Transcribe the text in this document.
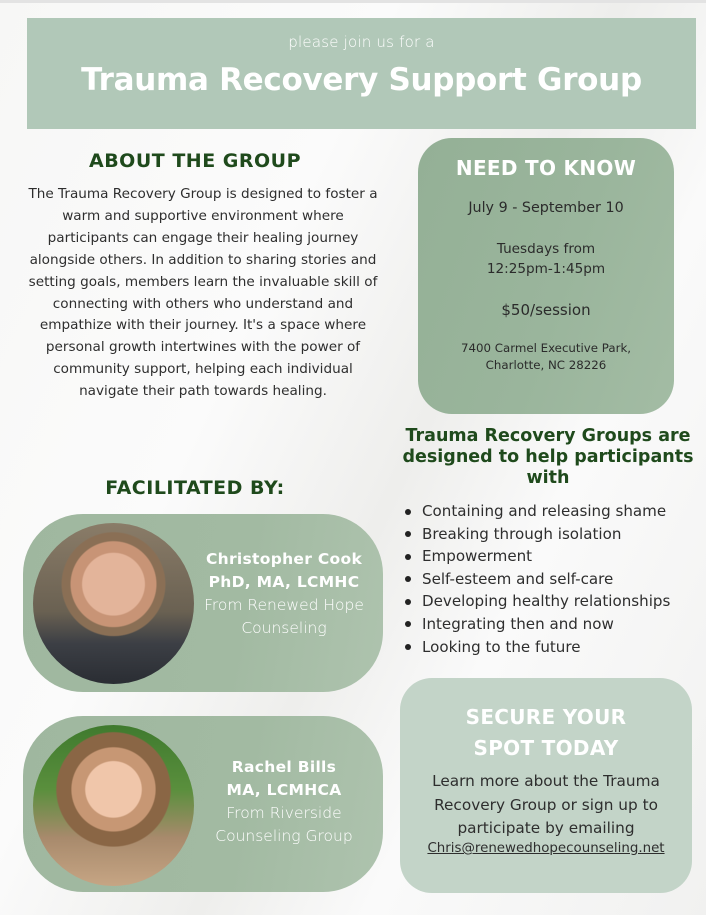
please join us for a
Trauma Recovery Support Group
ABOUT THE GROUP
The Trauma Recovery Group is designed to foster a warm and supportive environment where participants can engage their healing journey alongside others. In addition to sharing stories and setting goals, members learn the invaluable skill of connecting with others who understand and empathize with their journey. It's a space where personal growth intertwines with the power of community support, helping each individual navigate their path towards healing.
FACILITATED BY:
Christopher Cook
PhD, MA, LCMHC
From Renewed Hope Counseling
Rachel Bills
MA, LCMHCA
From Riverside Counseling Group
NEED TO KNOW
July 9 - September 10
Tuesdays from
12:25pm-1:45pm
$50/session
7400 Carmel Executive Park,
Charlotte, NC 28226
Trauma Recovery Groups are designed to help participants with
Containing and releasing shame
Breaking through isolation
Empowerment
Self-esteem and self-care
Developing healthy relationships
Integrating then and now
Looking to the future
SECURE YOUR
SPOT TODAY
Learn more about the Trauma Recovery Group or sign up to participate by emailing
Chris@renewedhopecounseling.net
